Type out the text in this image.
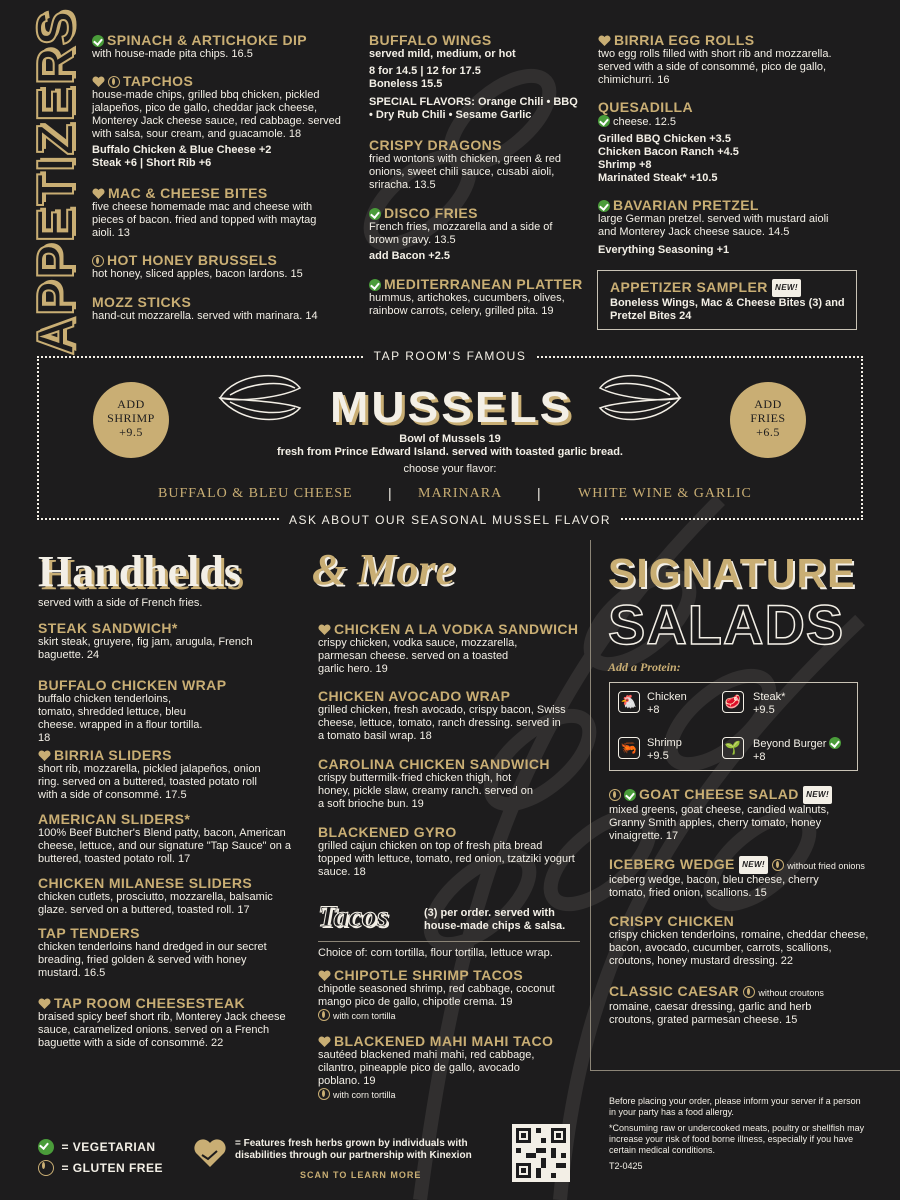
APPETIZERS	SPINACH & ARTICHOKE DIP
with house-made pita chips. 16.5
TAPCHOS
house-made chips, grilled bbq chicken, pickled jalapeños, pico de gallo, cheddar jack cheese, Monterey Jack cheese sauce, red cabbage. served with salsa, sour cream, and guacamole. 18
Buffalo Chicken & Blue Cheese +2
Steak +6 | Short Rib +6
MAC & CHEESE BITES
five cheese homemade mac and cheese with pieces of bacon. fried and topped with maytag aioli. 13
HOT HONEY BRUSSELS
hot honey, sliced apples, bacon lardons. 15
MOZZ STICKS
hand-cut mozzarella. served with marinara. 14
BUFFALO WINGS
served mild, medium, or hot
8 for 14.5 | 12 for 17.5
Boneless 15.5
SPECIAL FLAVORS: Orange Chili • BBQ • Dry Rub Chili • Sesame Garlic
CRISPY DRAGONS
fried wontons with chicken, green & red onions, sweet chili sauce, cusabi aioli, sriracha. 13.5
DISCO FRIES
French fries, mozzarella and a side of brown gravy. 13.5
add Bacon +2.5
MEDITERRANEAN PLATTER
hummus, artichokes, cucumbers, olives, rainbow carrots, celery, grilled pita. 19
BIRRIA EGG ROLLS
two egg rolls filled with short rib and mozzarella. served with a side of consommé, pico de gallo, chimichurri. 16
QUESADILLA
cheese. 12.5
Grilled BBQ Chicken +3.5
Chicken Bacon Ranch +4.5
Shrimp +8
Marinated Steak* +10.5
BAVARIAN PRETZEL
large German pretzel. served with mustard aioli and Monterey Jack cheese sauce. 14.5
Everything Seasoning +1
APPETIZER SAMPLER NEW!
Boneless Wings, Mac & Cheese Bites (3) and Pretzel Bites 24
TAP ROOM'S FAMOUS
ASK ABOUT OUR SEASONAL MUSSEL FLAVOR
ADD
SHRIMP
+9.5
ADD
FRIES
+6.5
MUSSELS
Bowl of Mussels 19
fresh from Prince Edward Island. served with toasted garlic bread.
choose your flavor:
BUFFALO & BLEU CHEESE	| MARINARA |	WHITE WINE & GARLIC
Handhelds & More
served with a side of French fries.
STEAK SANDWICH*
skirt steak, gruyere, fig jam, arugula, French baguette. 24
BUFFALO CHICKEN WRAP
buffalo chicken tenderloins, tomato, shredded lettuce, bleu cheese. wrapped in a flour tortilla. 18
BIRRIA SLIDERS
short rib, mozzarella, pickled jalapeños, onion ring. served on a buttered, toasted potato roll with a side of consommé. 17.5
AMERICAN SLIDERS*
100% Beef Butcher's Blend patty, bacon, American cheese, lettuce, and our signature "Tap Sauce" on a buttered, toasted potato roll. 17
CHICKEN MILANESE SLIDERS
chicken cutlets, prosciutto, mozzarella, balsamic glaze. served on a buttered, toasted roll. 17
TAP TENDERS
chicken tenderloins hand dredged in our secret breading, fried golden & served with honey mustard. 16.5
TAP ROOM CHEESESTEAK
braised spicy beef short rib, Monterey Jack cheese sauce, caramelized onions. served on a French baguette with a side of consommé. 22
CHICKEN A LA VODKA SANDWICH
crispy chicken, vodka sauce, mozzarella, parmesan cheese. served on a toasted garlic hero. 19
CHICKEN AVOCADO WRAP
grilled chicken, fresh avocado, crispy bacon, Swiss cheese, lettuce, tomato, ranch dressing. served in a tomato basil wrap. 18
CAROLINA CHICKEN SANDWICH
crispy buttermilk-fried chicken thigh, hot honey, pickle slaw, creamy ranch. served on a soft brioche bun. 19
BLACKENED GYRO
grilled cajun chicken on top of fresh pita bread topped with lettuce, tomato, red onion, tzatziki yogurt sauce. 18
Tacos	(3) per order. served with house-made chips & salsa.
Choice of: corn tortilla, flour tortilla, lettuce wrap.
CHIPOTLE SHRIMP TACOS
chipotle seasoned shrimp, red cabbage, coconut mango pico de gallo, chipotle crema. 19
with corn tortilla
BLACKENED MAHI MAHI TACO
sautéed blackened mahi mahi, red cabbage, cilantro, pineapple pico de gallo, avocado poblano. 19
with corn tortilla
SIGNATURE
SALADS
Add a Protein:
🐔 Chicken
+8
🥩 Steak*
+9.5
🦐 Shrimp
+9.5
🌱 Beyond Burger
+8
GOAT CHEESE SALAD NEW!
mixed greens, goat cheese, candied walnuts, Granny Smith apples, cherry tomato, honey vinaigrette. 17
ICEBERG WEDGE NEW! without fried onions
iceberg wedge, bacon, bleu cheese, cherry tomato, fried onion, scallions. 15
CRISPY CHICKEN
crispy chicken tenderloins, romaine, cheddar cheese, bacon, avocado, cucumber, carrots, scallions, croutons, honey mustard dressing. 22
CLASSIC CAESAR without croutons
romaine, caesar dressing, garlic and herb croutons, grated parmesan cheese. 15
Before placing your order, please inform your server if a person in your party has a food allergy.
*Consuming raw or undercooked meats, poultry or shellfish may increase your risk of food borne illness, especially if you have certain medical conditions.
T2-0425
= VEGETARIAN
= GLUTEN FREE
= Features fresh herbs grown by individuals with disabilities through our partnership with Kinexion
SCAN TO LEARN MORE
